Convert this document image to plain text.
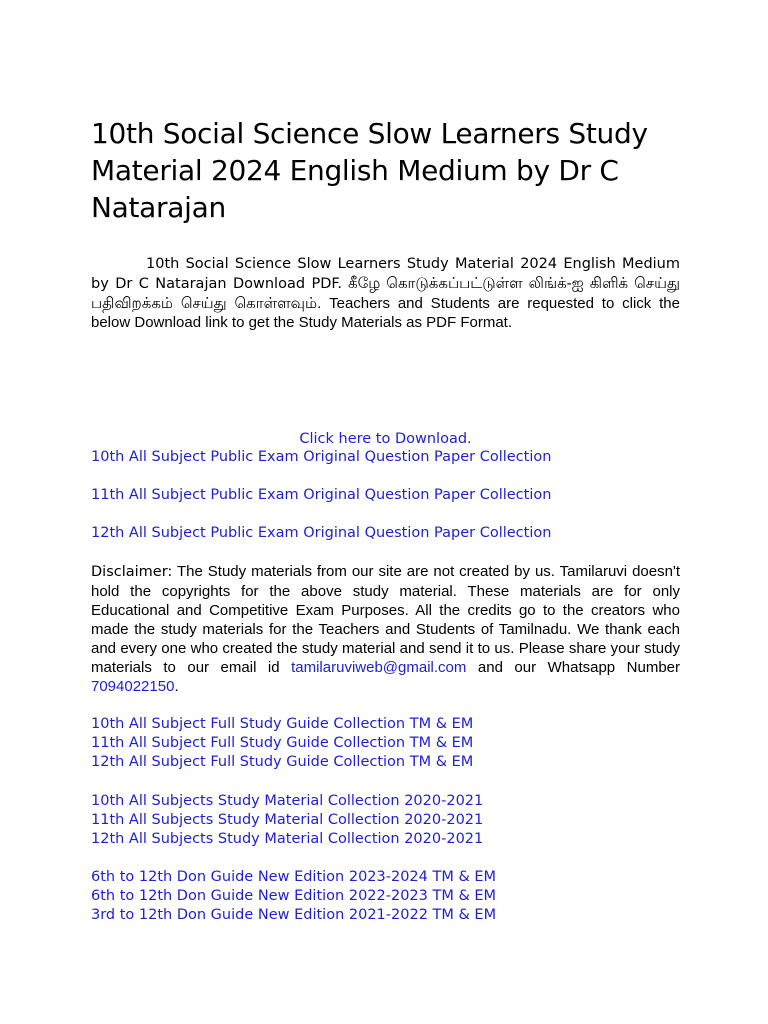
10th Social Science Slow Learners Study Material 2024 English Medium by Dr C Natarajan

10th Social Science Slow Learners Study Material 2024 English Medium by Dr C Natarajan Download PDF. கீழே கொடுக்கப்பட்டுள்ள லிங்க்-ஐ கிளிக் செய்து பதிவிறக்கம் செய்து கொள்ளவும். Teachers and Students are requested to click the below Download link to get the Study Materials as PDF Format.

Click here to Download.
10th All Subject Public Exam Original Question Paper Collection
11th All Subject Public Exam Original Question Paper Collection
12th All Subject Public Exam Original Question Paper Collection

Disclaimer: The Study materials from our site are not created by us. Tamilaruvi doesn't hold the copyrights for the above study material. These materials are for only Educational and Competitive Exam Purposes. All the credits go to the creators who made the study materials for the Teachers and Students of Tamilnadu. We thank each and every one who created the study material and send it to us. Please share your study materials to our email id tamilaruviweb@gmail.com and our Whatsapp Number 7094022150.

10th All Subject Full Study Guide Collection TM & EM
11th All Subject Full Study Guide Collection TM & EM
12th All Subject Full Study Guide Collection TM & EM
10th All Subjects Study Material Collection 2020-2021
11th All Subjects Study Material Collection 2020-2021
12th All Subjects Study Material Collection 2020-2021
6th to 12th Don Guide New Edition 2023-2024 TM & EM
6th to 12th Don Guide New Edition 2022-2023 TM & EM
3rd to 12th Don Guide New Edition 2021-2022 TM & EM
